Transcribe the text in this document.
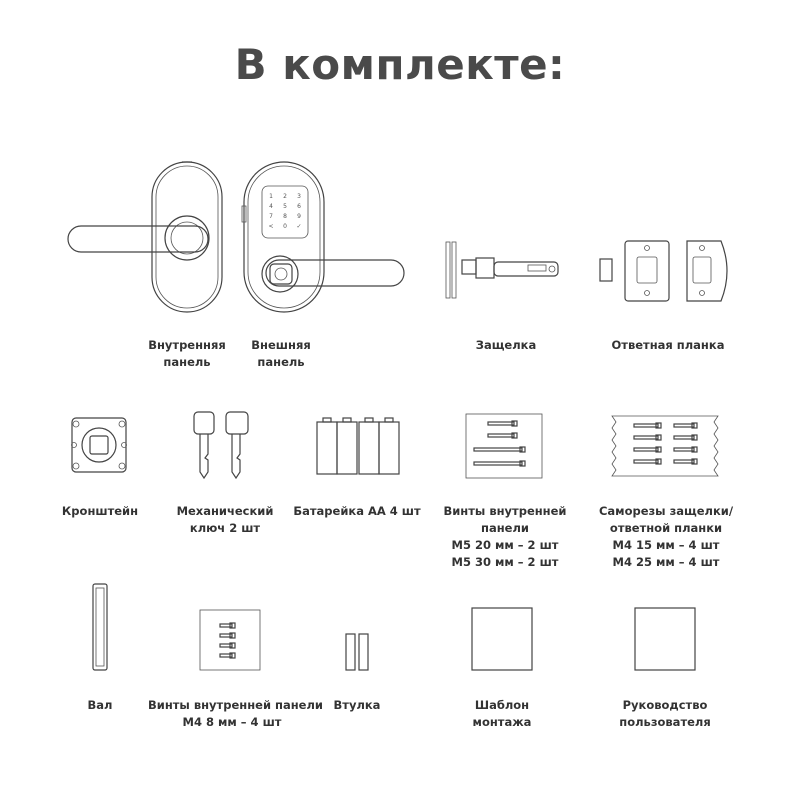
В комплекте:
1 2 3
4 5 6
7 8 9
< 0 ✓
Внутренняя
панель
Внешняя
панель
Защелка	Ответная планка
Кронштейн	Механический
ключ 2 шт
Батарейка АА 4 шт	Винты внутренней
панели
М5 20 мм – 2 шт
М5 30 мм – 2 шт
Саморезы защелки/
ответной планки
М4 15 мм – 4 шт
М4 25 мм – 4 шт
Вал	Винты внутренней панели
М4 8 мм – 4 шт
Втулка	Шаблон
монтажа
Руководство
пользователя
